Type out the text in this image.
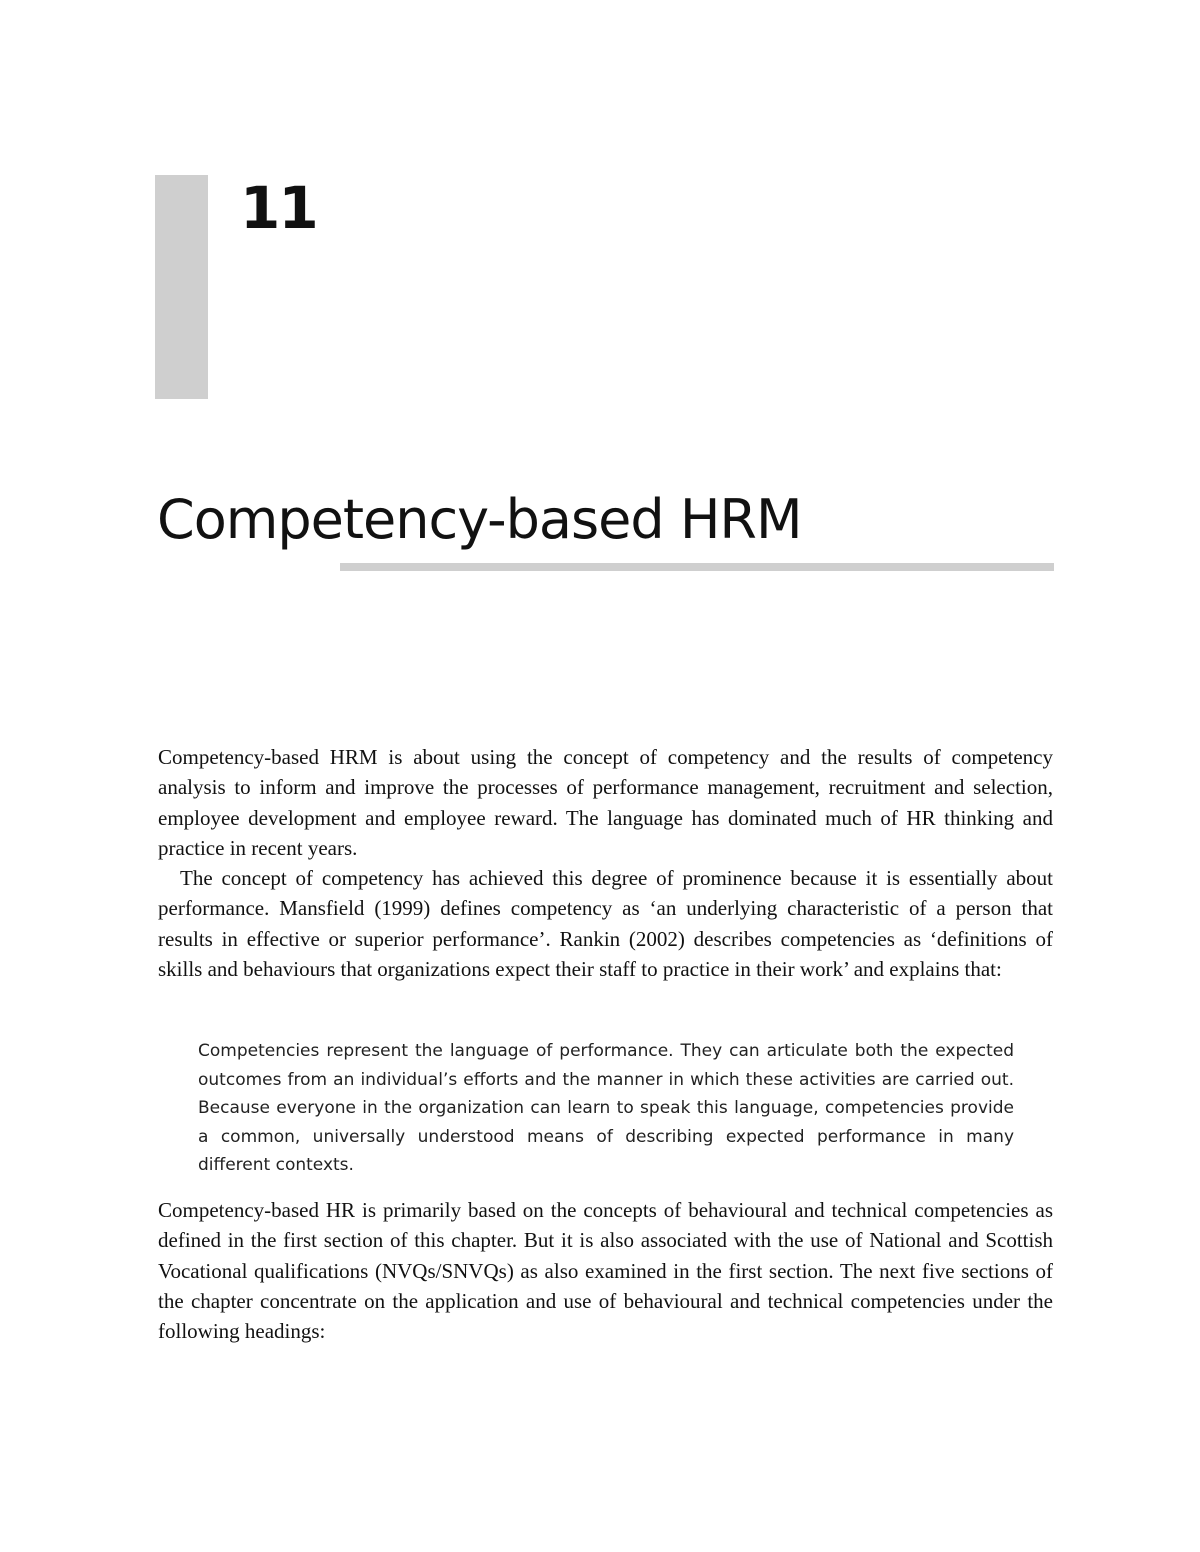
11
Competency-based HRM

Competency-based HRM is about using the concept of competency and the results of competency analysis to inform and improve the processes of performance management, recruitment and selection, employee development and employee reward. The language has dominated much of HR thinking and practice in recent years.

The concept of competency has achieved this degree of prominence because it is essentially about performance. Mansfield (1999) defines competency as ‘an underlying characteristic of a person that results in effective or superior performance’. Rankin (2002) describes competencies as ‘definitions of skills and behaviours that organizations expect their staff to practice in their work’ and explains that:

Competencies represent the language of performance. They can articulate both the expected outcomes from an individual’s efforts and the manner in which these activities are carried out. Because everyone in the organization can learn to speak this language, competencies provide a common, universally understood means of describing expected performance in many different contexts.

Competency-based HR is primarily based on the concepts of behavioural and technical competencies as defined in the first section of this chapter. But it is also associated with the use of National and Scottish Vocational qualifications (NVQs/SNVQs) as also examined in the first section. The next five sections of the chapter concentrate on the application and use of behavioural and technical competencies under the following headings:
